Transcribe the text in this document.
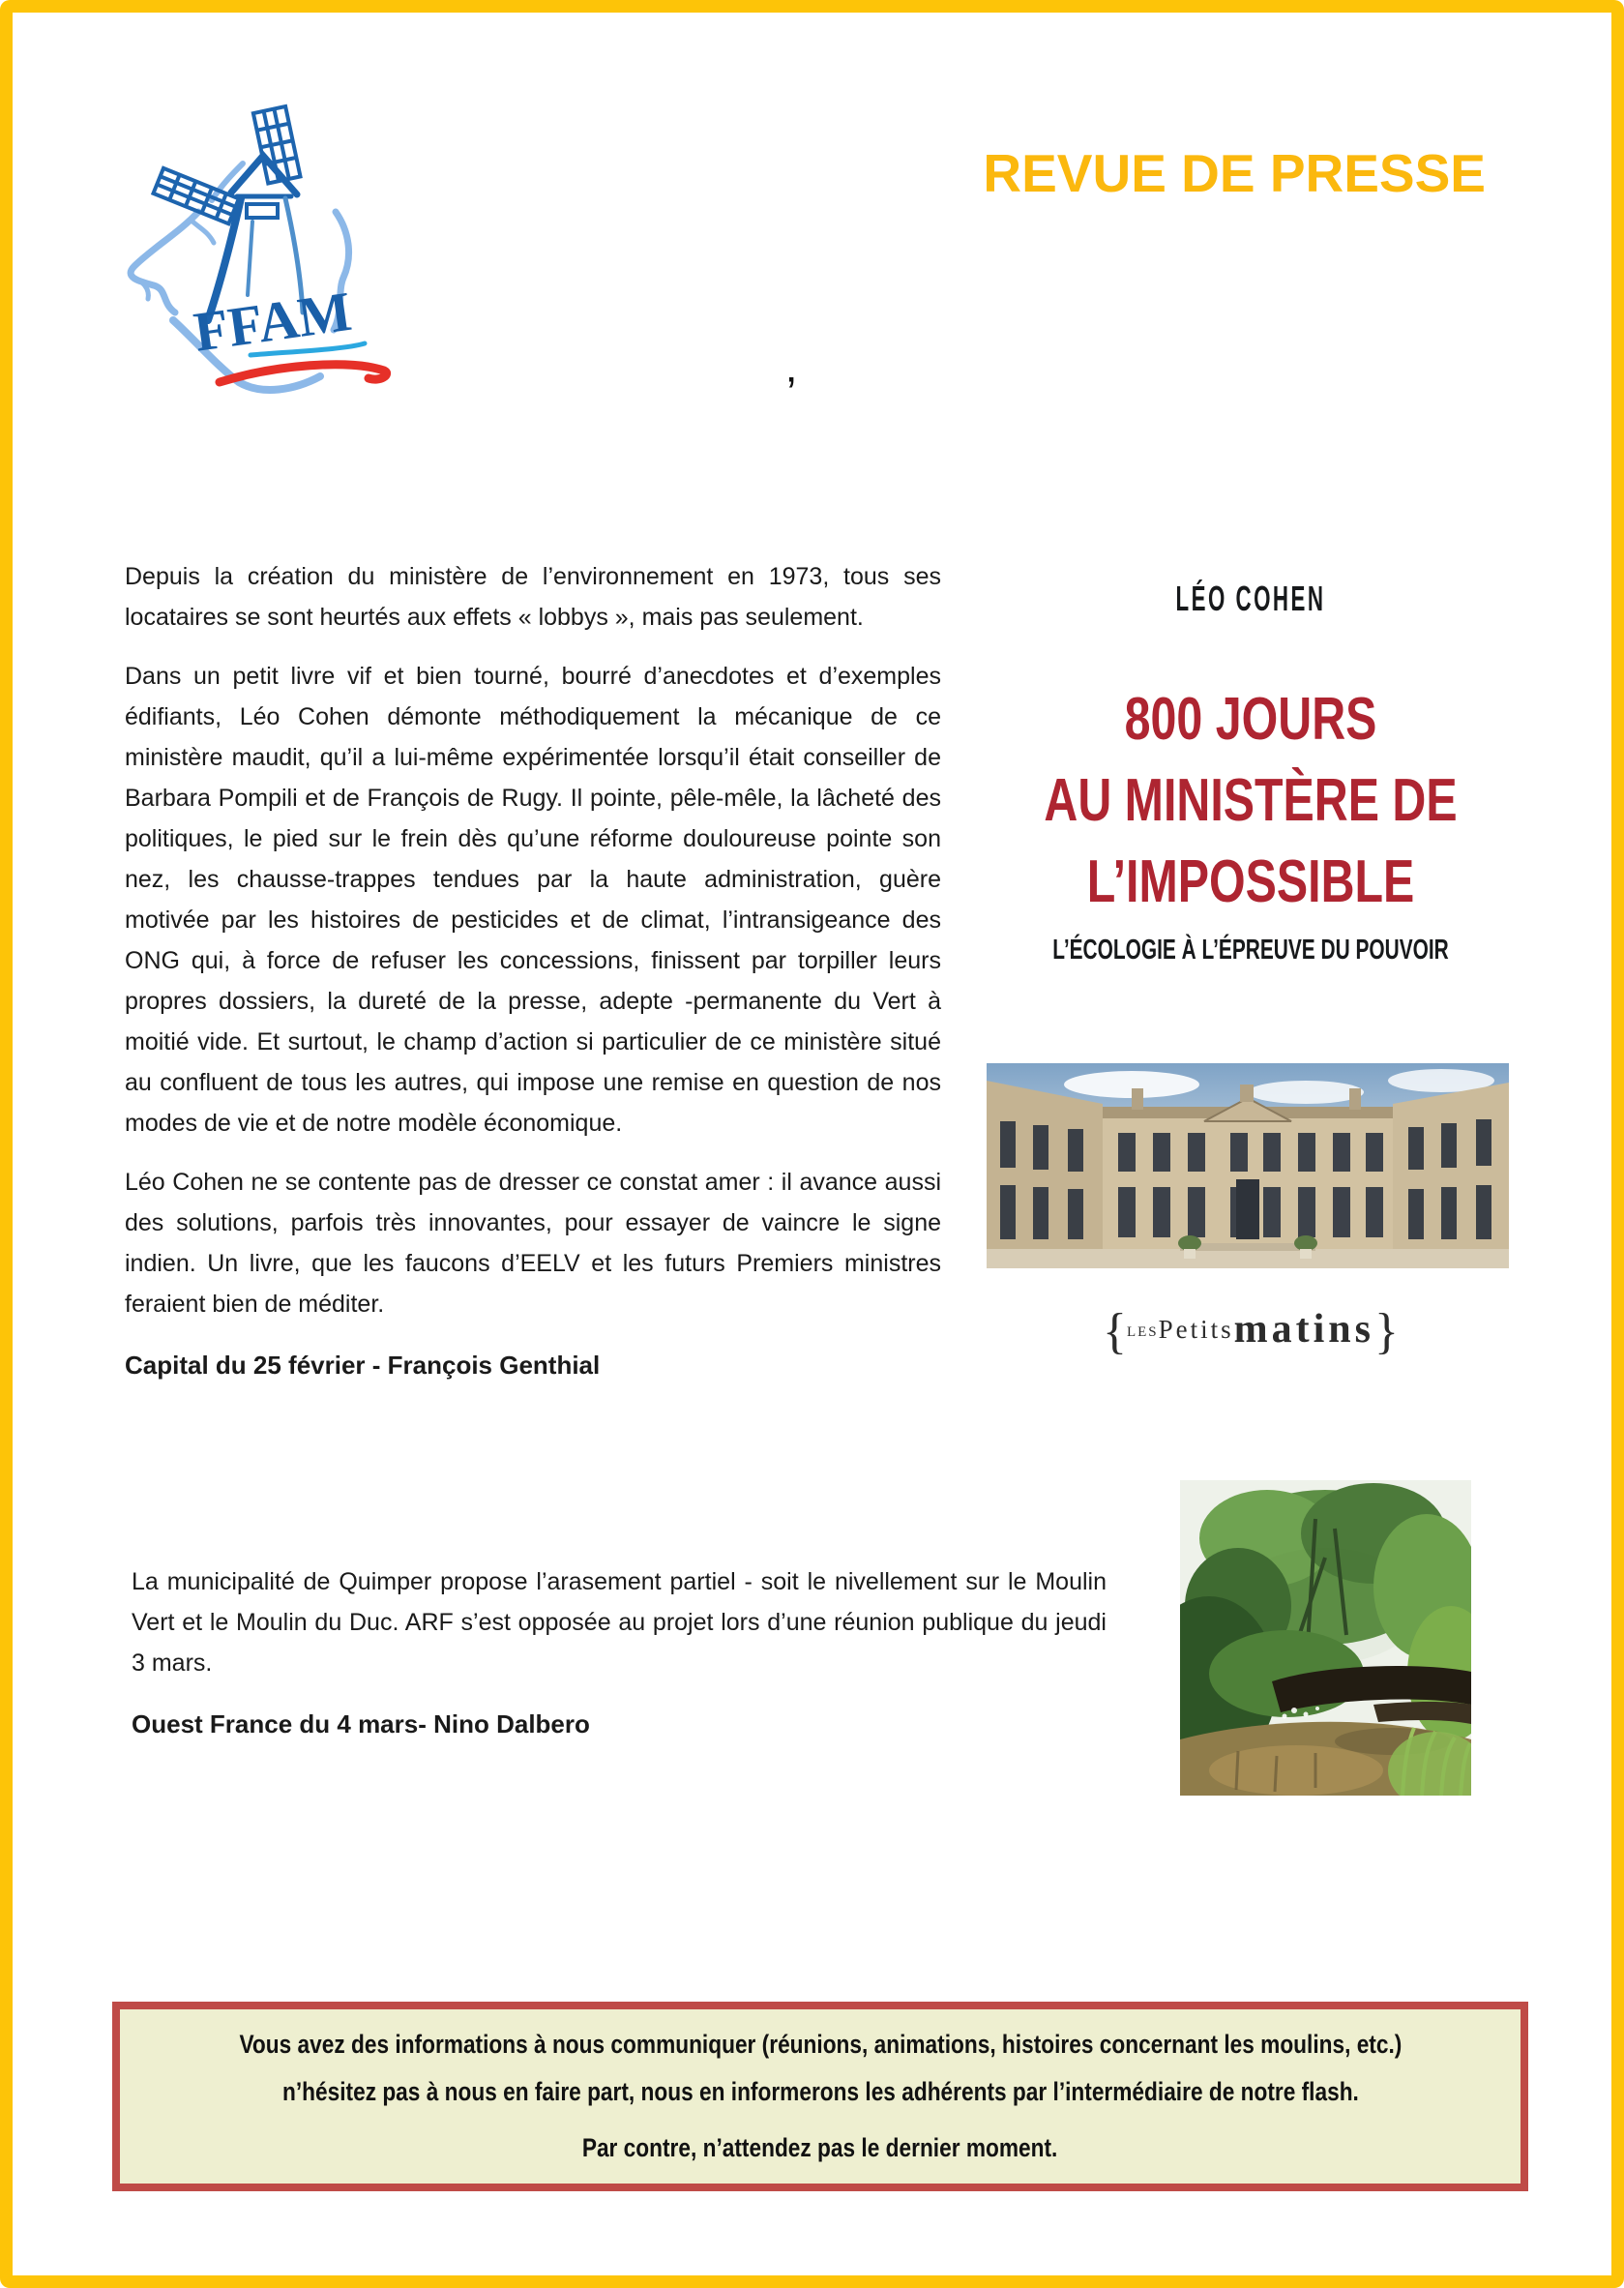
FFAM
REVUE DE PRESSE
’

Depuis la création du ministère de l’environnement en 1973, tous ses locataires se sont heurtés aux effets « lobbys », mais pas seulement.

Dans un petit livre vif et bien tourné, bourré d’anecdotes et d’exemples édifiants, Léo Cohen démonte méthodiquement la mécanique de ce ministère maudit, qu’il a lui-même expérimentée lorsqu’il était conseiller de Barbara Pompili et de François de Rugy. Il pointe, pêle-mêle, la lâcheté des politiques, le pied sur le frein dès qu’une réforme douloureuse pointe son nez, les chausse-trappes tendues par la haute administration, guère motivée par les histoires de pesticides et de climat, l’intransigeance des ONG qui, à force de refuser les concessions, finissent par torpiller leurs propres dossiers, la dureté de la presse, adepte -permanente du Vert à moitié vide. Et surtout, le champ d’action si particulier de ce ministère situé au confluent de tous les autres, qui impose une remise en question de nos modes de vie et de notre modèle économique.

Léo Cohen ne se contente pas de dresser ce constat amer : il avance aussi des solutions, parfois très innovantes, pour essayer de vaincre le signe indien. Un livre, que les faucons d’EELV et les futurs Premiers ministres feraient bien de méditer.

Capital du 25 février - François Genthial
LÉO COHEN
800 JOURS
AU MINISTÈRE DE
L’IMPOSSIBLE
L’ÉCOLOGIE À L’ÉPREUVE DU POUVOIR
{LESPetitsmatins}

La municipalité de Quimper propose l’arasement partiel - soit le nivellement sur le Moulin Vert et le Moulin du Duc. ARF s’est opposée au projet lors d’une réunion publique du jeudi 3 mars.

Ouest France du 4 mars- Nino Dalbero
Vous avez des informations à nous communiquer (réunions, animations, histoires concernant les moulins, etc.)
n’hésitez pas à nous en faire part, nous en informerons les adhérents par l’intermédiaire de notre flash.
Par contre, n’attendez pas le dernier moment.
